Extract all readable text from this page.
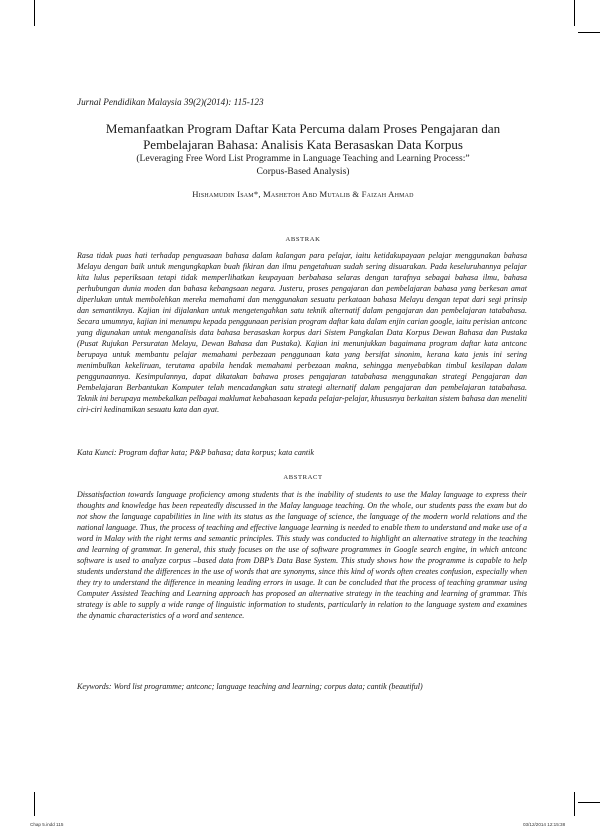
Jurnal Pendidikan Malaysia 39(2)(2014): 115-123
Memanfaatkan Program Daftar Kata Percuma dalam Proses Pengajaran dan
Pembelajaran Bahasa: Analisis Kata Berasaskan Data Korpus
(Leveraging Free Word List Programme in Language Teaching and Learning Process:”
Corpus-Based Analysis)
Hishamudin Isam*, Mashetoh Abd Mutalib & Faizah Ahmad
ABSTRAK

Rasa tidak puas hati terhadap penguasaan bahasa dalam kalangan para pelajar, iaitu ketidakupayaan pelajar menggunakan bahasa Melayu dengan baik untuk mengungkapkan buah fikiran dan ilmu pengetahuan sudah sering disuarakan. Pada keseluruhannya pelajar kita lulus peperiksaan tetapi tidak memperlihatkan keupayaan berbahasa selaras dengan tarafnya sebagai bahasa ilmu, bahasa perhubungan dunia moden dan bahasa kebangsaan negara. Justeru, proses pengajaran dan pembelajaran bahasa yang berkesan amat diperlukan untuk membolehkan mereka memahami dan menggunakan sesuatu perkataan bahasa Melayu dengan tepat dari segi prinsip dan semantiknya. Kajian ini dijalankan untuk mengetengahkan satu teknik alternatif dalam pengajaran dan pembelajaran tatabahasa. Secara umumnya, kajian ini menumpu kepada penggunaan perisian program daftar kata dalam enjin carian google, iaitu perisian antconc yang digunakan untuk menganalisis data bahasa berasaskan korpus dari Sistem Pangkalan Data Korpus Dewan Bahasa dan Pustaka (Pusat Rujukan Persuratan Melayu, Dewan Bahasa dan Pustaka). Kajian ini menunjukkan bagaimana program daftar kata antconc berupaya untuk membantu pelajar memahami perbezaan penggunaan kata yang bersifat sinonim, kerana kata jenis ini sering menimbulkan kekeliruan, terutama apabila hendak memahami perbezaan makna, sehingga menyebabkan timbul kesilapan dalam penggunaannya. Kesimpulannya, dapat dikatakan bahawa proses pengajaran tatabahasa menggunakan strategi Pengajaran dan Pembelajaran Berbantukan Komputer telah mencadangkan satu strategi alternatif dalam pengajaran dan pembelajaran tatabahasa. Teknik ini berupaya membekalkan pelbagai maklumat kebahasaan kepada pelajar-pelajar, khususnya berkaitan sistem bahasa dan meneliti ciri-ciri kedinamikan sesuatu kata dan ayat.

Kata Kunci: Program daftar kata; P&P bahasa; data korpus; kata cantik

ABSTRACT

Dissatisfaction towards language proficiency among students that is the inability of students to use the Malay language to express their thoughts and knowledge has been repeatedly discussed in the Malay language teaching. On the whole, our students pass the exam but do not show the language capabilities in line with its status as the language of science, the language of the modern world relations and the national language. Thus, the process of teaching and effective language learning is needed to enable them to understand and make use of a word in Malay with the right terms and semantic principles. This study was conducted to highlight an alternative strategy in the teaching and learning of grammar. In general, this study focuses on the use of software programmes in Google search engine, in which antconc software is used to analyze corpus –based data from DBP’s Data Base System. This study shows how the programme is capable to help students understand the differences in the use of words that are synonyms, since this kind of words often creates confusion, especially when they try to understand the difference in meaning leading errors in usage. It can be concluded that the process of teaching grammar using Computer Assisted Teaching and Learning approach has proposed an alternative strategy in the teaching and learning of grammar. This strategy is able to supply a wide range of linguistic information to students, particularly in relation to the language system and examines the dynamic characteristics of a word and sentence.

Keywords: Word list programme; antconc; language teaching and learning; corpus data; cantik (beautiful)

Chap 5.indd 115	03/12/2014 12:15:38
